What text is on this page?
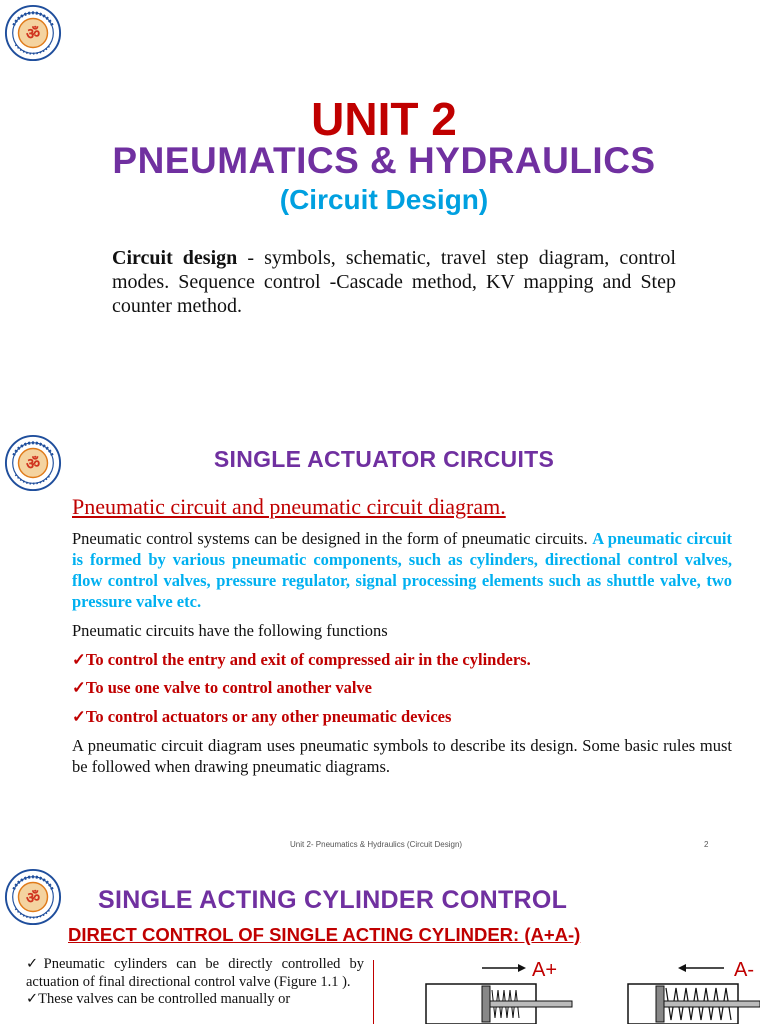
ॐ
UNIT 2
PNEUMATICS & HYDRAULICS
(Circuit Design)
Circuit design - symbols, schematic, travel step diagram, control modes. Sequence control -Cascade method, KV mapping and Step counter method.
ॐ	SINGLE ACTUATOR CIRCUITS
Pneumatic circuit and pneumatic circuit diagram.
Pneumatic control systems can be designed in the form of pneumatic circuits. A pneumatic circuit is formed by various pneumatic components, such as cylinders, directional control valves, flow control valves, pressure regulator, signal processing elements such as shuttle valve, two pressure valve etc.
Pneumatic circuits have the following functions
✓To control the entry and exit of compressed air in the cylinders.
✓To use one valve to control another valve
✓To control actuators or any other pneumatic devices
A pneumatic circuit diagram uses pneumatic symbols to describe its design. Some basic rules must be followed when drawing pneumatic diagrams.
Unit 2- Pneumatics & Hydraulics (Circuit Design)	2
ॐ SINGLE ACTING CYLINDER CONTROL
DIRECT CONTROL OF SINGLE ACTING CYLINDER: (A+A-)

✓Pneumatic cylinders can be directly controlled by actuation of final directional control valve (Figure 1.1 ).

✓These valves can be controlled manually or

A+	A-
